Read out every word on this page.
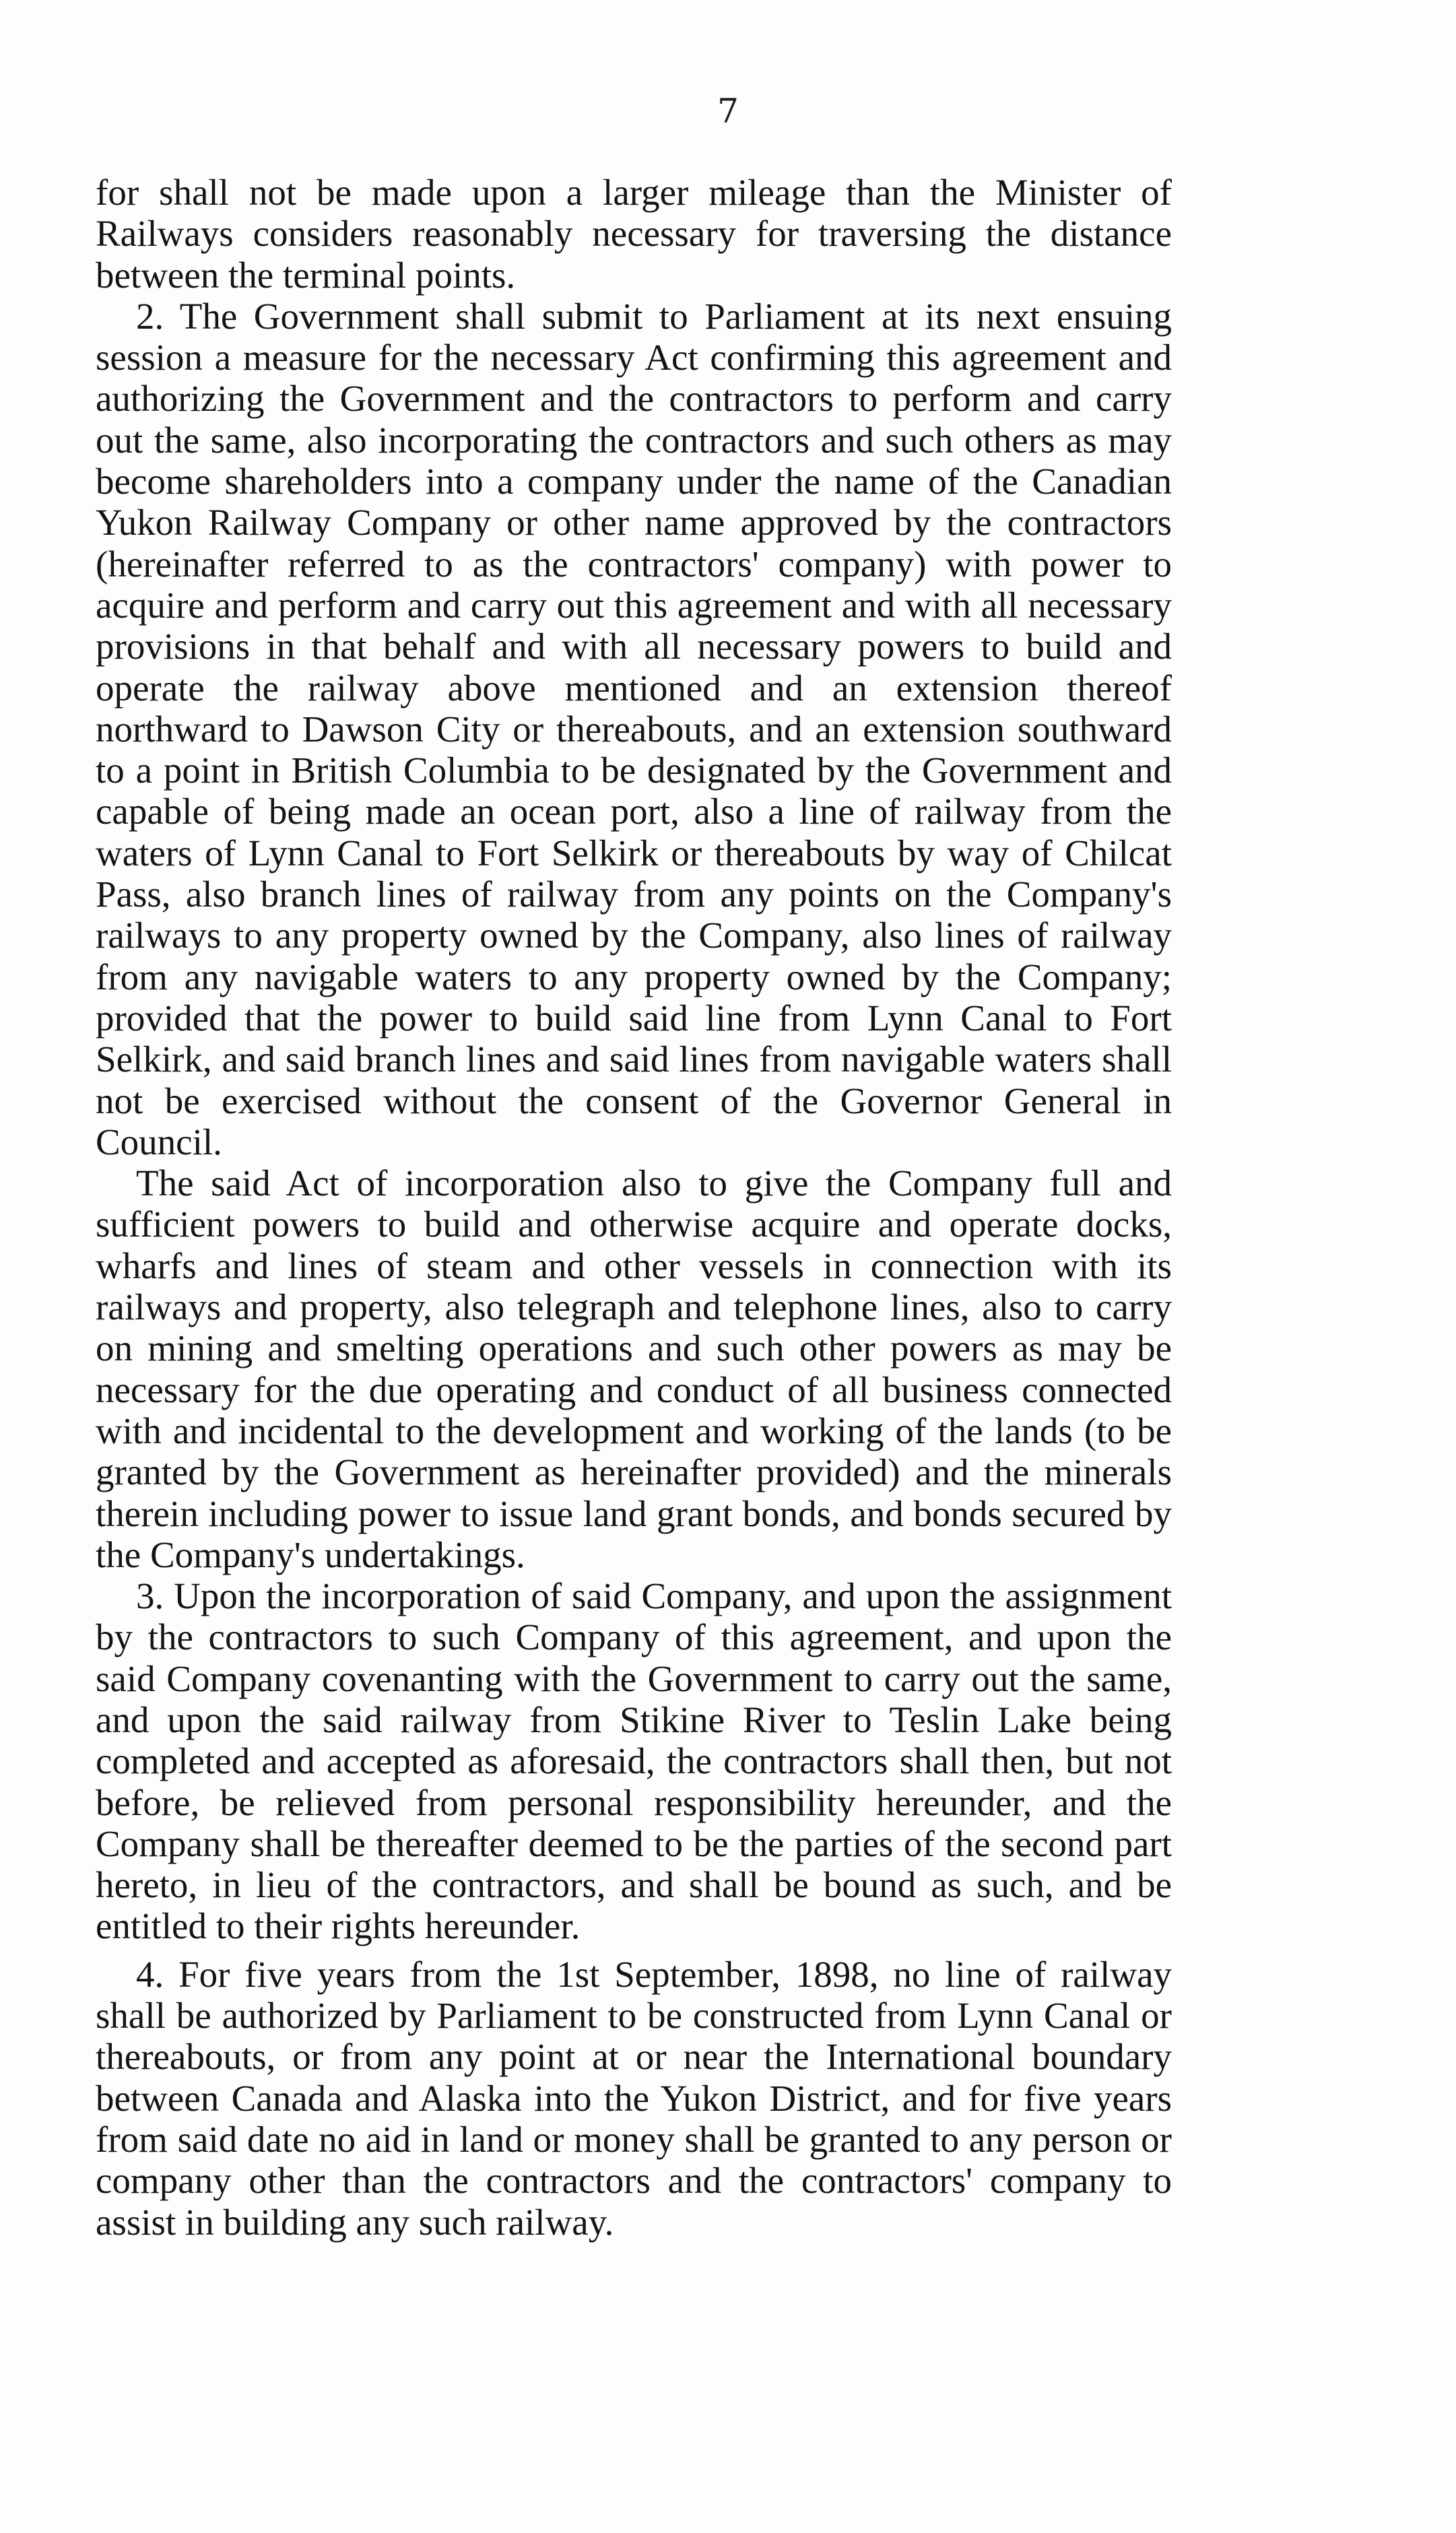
7

for shall not be made upon a larger mileage than the Minister of Railways considers reasonably necessary for traversing the distance between the terminal points.

2. The Government shall submit to Parliament at its next ensuing session a measure for the necessary Act confirming this agreement and authorizing the Government and the contractors to perform and carry out the same, also incorporating the contractors and such others as may become shareholders into a company under the name of the Canadian Yukon Railway Company or other name approved by the contractors (hereinafter referred to as the contractors' company) with power to acquire and perform and carry out this agreement and with all necessary provisions in that behalf and with all necessary powers to build and operate the railway above mentioned and an extension thereof northward to Dawson City or thereabouts, and an extension southward to a point in British Columbia to be designated by the Government and capable of being made an ocean port, also a line of railway from the waters of Lynn Canal to Fort Selkirk or thereabouts by way of Chilcat Pass, also branch lines of railway from any points on the Company's railways to any property owned by the Company, also lines of railway from any navigable waters to any property owned by the Company; provided that the power to build said line from Lynn Canal to Fort Selkirk, and said branch lines and said lines from navigable waters shall not be exercised without the consent of the Governor General in Council.

The said Act of incorporation also to give the Company full and sufficient powers to build and otherwise acquire and operate docks, wharfs and lines of steam and other vessels in connection with its railways and property, also telegraph and telephone lines, also to carry on mining and smelting operations and such other powers as may be necessary for the due operating and conduct of all business connected with and incidental to the development and working of the lands (to be granted by the Government as hereinafter provided) and the minerals therein including power to issue land grant bonds, and bonds secured by the Company's undertakings.

3. Upon the incorporation of said Company, and upon the assignment by the contractors to such Company of this agreement, and upon the said Company covenanting with the Government to carry out the same, and upon the said railway from Stikine River to Teslin Lake being completed and accepted as aforesaid, the contractors shall then, but not before, be relieved from personal responsibility hereunder, and the Company shall be thereafter deemed to be the parties of the second part hereto, in lieu of the contractors, and shall be bound as such, and be entitled to their rights hereunder.

4. For five years from the 1st September, 1898, no line of railway shall be authorized by Parliament to be constructed from Lynn Canal or thereabouts, or from any point at or near the International boundary between Canada and Alaska into the Yukon District, and for five years from said date no aid in land or money shall be granted to any person or company other than the contractors and the contractors' company to assist in building any such railway.
